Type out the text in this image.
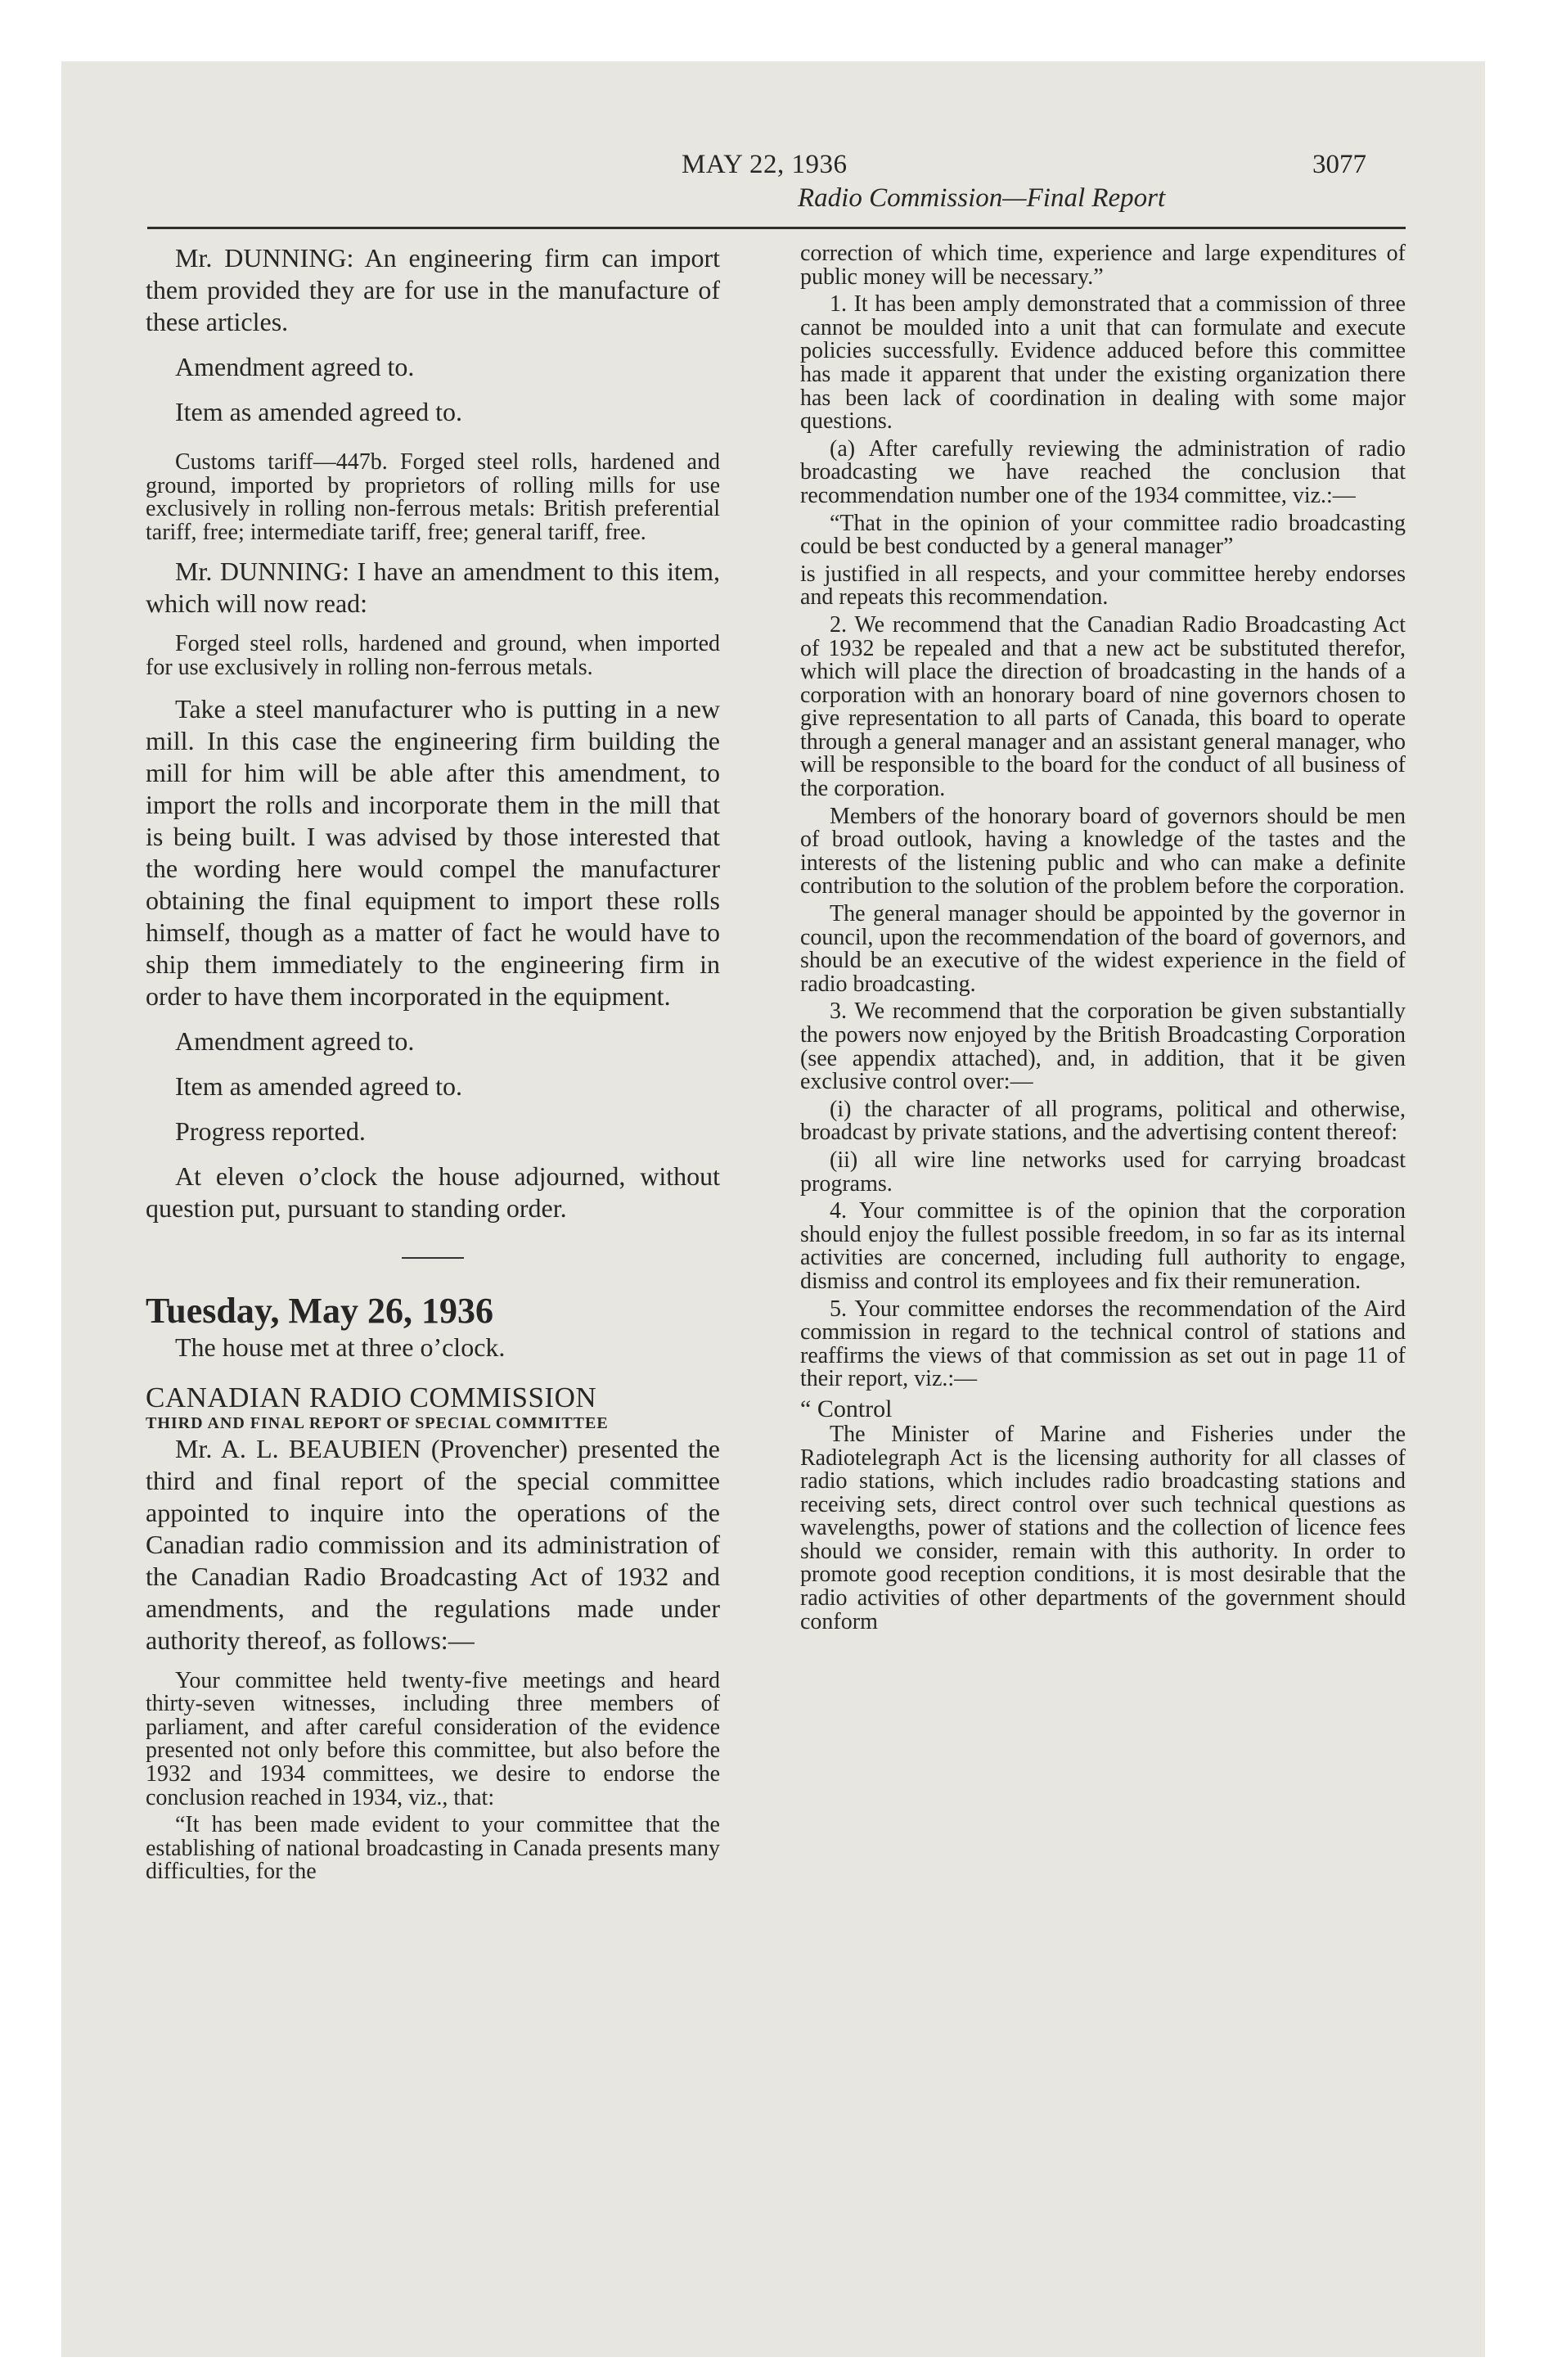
MAY 22, 1936	3077
Radio Commission—Final Report

Mr. DUNNING: An engineering firm can import them provided they are for use in the manufacture of these articles.

Amendment agreed to.

Item as amended agreed to.

Customs tariff—447b. Forged steel rolls, hardened and ground, imported by proprietors of rolling mills for use exclusively in rolling non-ferrous metals: British preferential tariff, free; intermediate tariff, free; general tariff, free.

Mr. DUNNING: I have an amendment to this item, which will now read:

Forged steel rolls, hardened and ground, when imported for use exclusively in rolling non-ferrous metals.

Take a steel manufacturer who is putting in a new mill. In this case the engineering firm building the mill for him will be able after this amendment, to import the rolls and incorporate them in the mill that is being built. I was advised by those interested that the wording here would compel the manufacturer obtaining the final equipment to import these rolls himself, though as a matter of fact he would have to ship them immediately to the engineering firm in order to have them incorporated in the equipment.

Amendment agreed to.

Item as amended agreed to.

Progress reported.

At eleven o’clock the house adjourned, without question put, pursuant to standing order.

Tuesday, May 26, 1936

The house met at three o’clock.

CANADIAN RADIO COMMISSION

THIRD AND FINAL REPORT OF SPECIAL COMMITTEE

Mr. A. L. BEAUBIEN (Provencher) presented the third and final report of the special committee appointed to inquire into the operations of the Canadian radio commission and its administration of the Canadian Radio Broadcasting Act of 1932 and amendments, and the regulations made under authority thereof, as follows:—

Your committee held twenty-five meetings and heard thirty-seven witnesses, including three members of parliament, and after careful consideration of the evidence presented not only before this committee, but also before the 1932 and 1934 committees, we desire to endorse the conclusion reached in 1934, viz., that:

“It has been made evident to your committee that the establishing of national broadcasting in Canada presents many difficulties, for the

correction of which time, experience and large expenditures of public money will be necessary.”

1. It has been amply demonstrated that a commission of three cannot be moulded into a unit that can formulate and execute policies successfully. Evidence adduced before this committee has made it apparent that under the existing organization there has been lack of coordination in dealing with some major questions.

(a) After carefully reviewing the administration of radio broadcasting we have reached the conclusion that recommendation number one of the 1934 committee, viz.:—

“That in the opinion of your committee radio broadcasting could be best conducted by a general manager”

is justified in all respects, and your committee hereby endorses and repeats this recommendation.

2. We recommend that the Canadian Radio Broadcasting Act of 1932 be repealed and that a new act be substituted therefor, which will place the direction of broadcasting in the hands of a corporation with an honorary board of nine governors chosen to give representation to all parts of Canada, this board to operate through a general manager and an assistant general manager, who will be responsible to the board for the conduct of all business of the corporation.

Members of the honorary board of governors should be men of broad outlook, having a knowledge of the tastes and the interests of the listening public and who can make a definite contribution to the solution of the problem before the corporation.

The general manager should be appointed by the governor in council, upon the recommendation of the board of governors, and should be an executive of the widest experience in the field of radio broadcasting.

3. We recommend that the corporation be given substantially the powers now enjoyed by the British Broadcasting Corporation (see appendix attached), and, in addition, that it be given exclusive control over:—

(i) the character of all programs, political and otherwise, broadcast by private stations, and the advertising content thereof:

(ii) all wire line networks used for carrying broadcast programs.

4. Your committee is of the opinion that the corporation should enjoy the fullest possible freedom, in so far as its internal activities are concerned, including full authority to engage, dismiss and control its employees and fix their remuneration.

5. Your committee endorses the recommendation of the Aird commission in regard to the technical control of stations and reaffirms the views of that commission as set out in page 11 of their report, viz.:—

“ Control

The Minister of Marine and Fisheries under the Radiotelegraph Act is the licensing authority for all classes of radio stations, which includes radio broadcasting stations and receiving sets, direct control over such technical questions as wavelengths, power of stations and the collection of licence fees should we consider, remain with this authority. In order to promote good reception conditions, it is most desirable that the radio activities of other departments of the government should conform
